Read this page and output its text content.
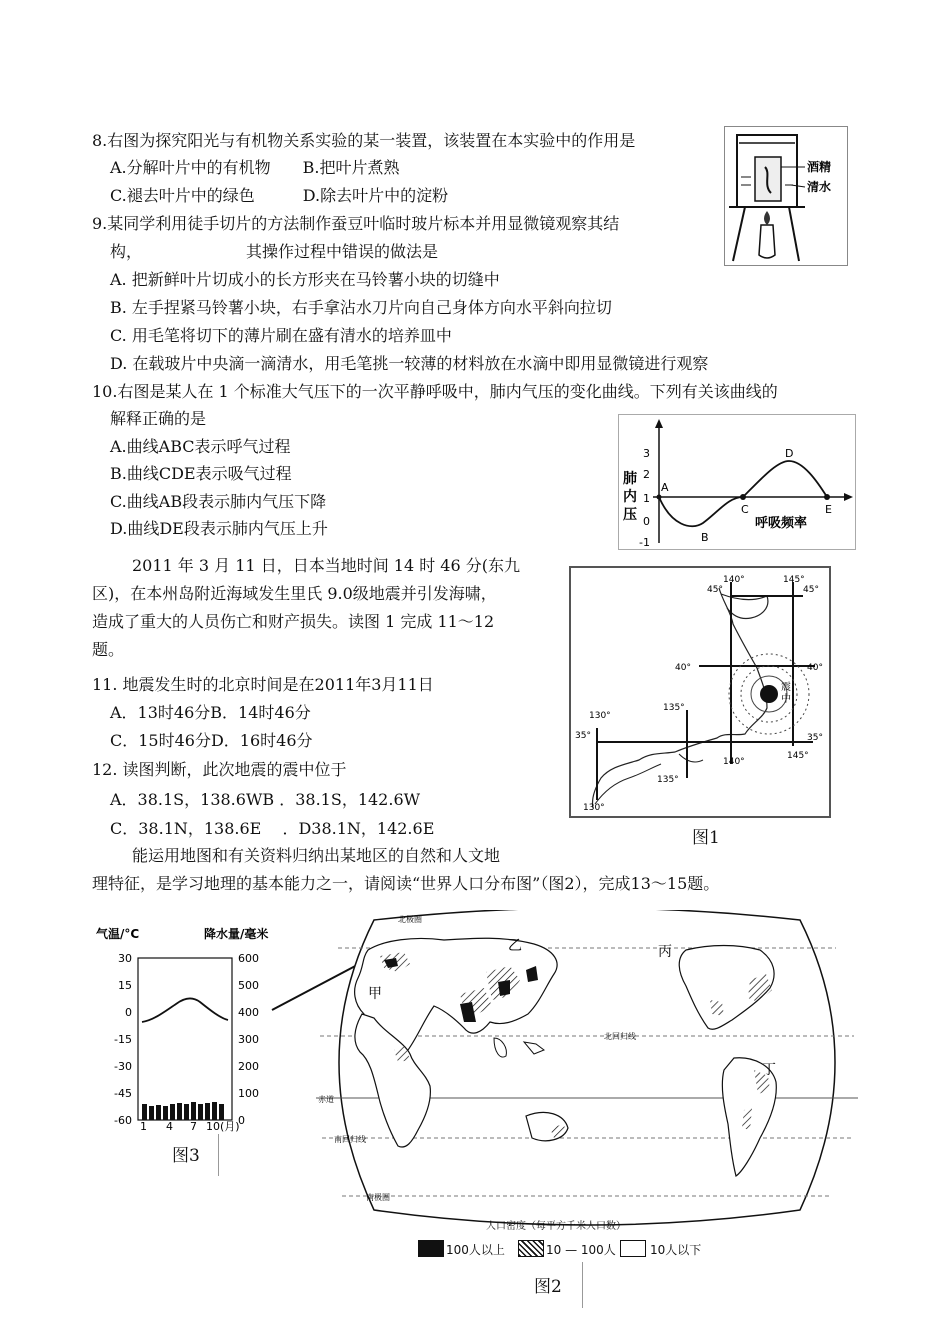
8.右图为探究阳光与有机物关系实验的某一装置，该装置在本实验中的作用是
A.分解叶片中的有机物　　B.把叶片煮熟
C.褪去叶片中的绿色　　　D.除去叶片中的淀粉
酒精
清水
9.某同学利用徒手切片的方法制作蚕豆叶临时玻片标本并用显微镜观察其结
构，　　　　　　　其操作过程中错误的做法是
A. 把新鲜叶片切成小的长方形夹在马铃薯小块的切缝中
B. 左手捏紧马铃薯小块，右手拿沾水刀片向自己身体方向水平斜向拉切
C. 用毛笔将切下的薄片刷在盛有清水的培养皿中
D. 在载玻片中央滴一滴清水，用毛笔挑一较薄的材料放在水滴中即用显微镜进行观察
10.右图是某人在 1 个标准大气压下的一次平静呼吸中，肺内气压的变化曲线。下列有关该曲线的
解释正确的是
A.曲线ABC表示呼气过程
B.曲线CDE表示吸气过程
C.曲线AB段表示肺内气压下降
D.曲线DE段表示肺内气压上升
3
2
1
0
-1
肺
内
压
A
B
C
D
E
呼吸频率
2011 年 3 月 11 日，日本当地时间 14 时 46 分(东九
区)，在本州岛附近海域发生里氏 9.0级地震并引发海啸，
造成了重大的人员伤亡和财产损失。读图 1 完成 11～12
题。
11. 地震发生时的北京时间是在2011年3月11日
A．13时46分B．14时46分
C．15时46分D．16时46分
12. 读图判断，此次地震的震中位于
A．38.1S，138.6WB ．38.1S，142.6W
C．38.1N，138.6E　 ．D38.1N，142.6E
震
中
140°	145°
45°	45°
40°	40°
135°
130°
35°	35°
135°
140°
145°
130°
图1
能运用地图和有关资料归纳出某地区的自然和人文地
理特征，是学习地理的基本能力之一，请阅读“世界人口分布图”（图2），完成13～15题。
气温/°C	降水量/毫米
30
15
0
-15
-30
-45
-60
600
500
400
300
200
100
0
1 4 7 10(月)
图3
北极圈
北回归线
赤道
南回归线
南极圈
甲
乙	丙
丁
人口密度（每平方千米人口数）
100人以上	10 — 100人	10人以下
图2
